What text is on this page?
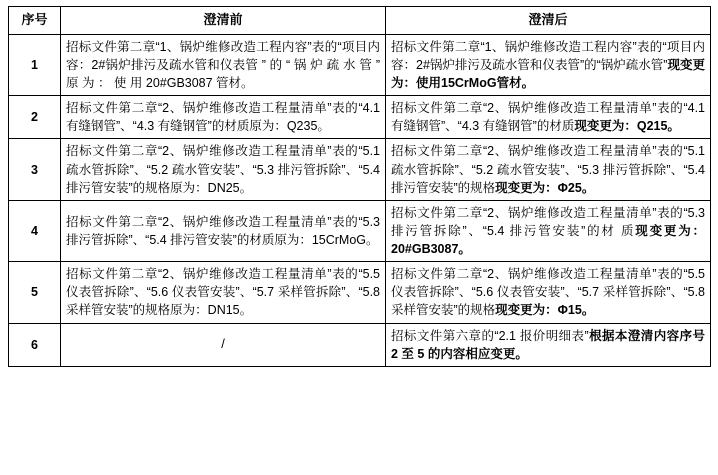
序号	澄清前	澄清后
1	招标文件第二章“1、锅炉维修改造工程内容”表的“项目内容：2#锅炉排污及疏水管和仪表管 ” 的 “ 锅 炉 疏 水 管 ” 原 为 ： 使 用 20#GB3087 管材。	招标文件第二章“1、锅炉维修改造工程内容”表的“项目内容：2#锅炉排污及疏水管和仪表管”的“锅炉疏水管”现变更为：使用15CrMoG管材。
2	招标文件第二章“2、锅炉维修改造工程量清单”表的“4.1 有缝钢管”、“4.3 有缝钢管”的材质原为：Q235。	招标文件第二章“2、锅炉维修改造工程量清单”表的“4.1 有缝钢管”、“4.3 有缝钢管”的材质现变更为：Q215。
3	招标文件第二章“2、锅炉维修改造工程量清单”表的“5.1 疏水管拆除”、“5.2 疏水管安装”、“5.3 排污管拆除”、“5.4 排污管安装”的规格原为：DN25。	招标文件第二章“2、锅炉维修改造工程量清单”表的“5.1 疏水管拆除”、“5.2 疏水管安装”、“5.3 排污管拆除”、“5.4 排污管安装”的规格现变更为：Φ25。
4	招标文件第二章“2、锅炉维修改造工程量清单”表的“5.3 排污管拆除”、“5.4 排污管安装”的材质原为：15CrMoG。	招标文件第二章“2、锅炉维修改造工程量清单”表的“5.3 排污管拆除”、“5.4 排污管安装”的材 质现变更为：20#GB3087。
5	招标文件第二章“2、锅炉维修改造工程量清单”表的“5.5 仪表管拆除”、“5.6 仪表管安装”、“5.7 采样管拆除”、“5.8 采样管安装”的规格原为：DN15。	招标文件第二章“2、锅炉维修改造工程量清单”表的“5.5 仪表管拆除”、“5.6 仪表管安装”、“5.7 采样管拆除”、“5.8 采样管安装”的规格现变更为：Φ15。
6	/	招标文件第六章的“2.1 报价明细表”根据本澄清内容序号 2 至 5 的内容相应变更。
